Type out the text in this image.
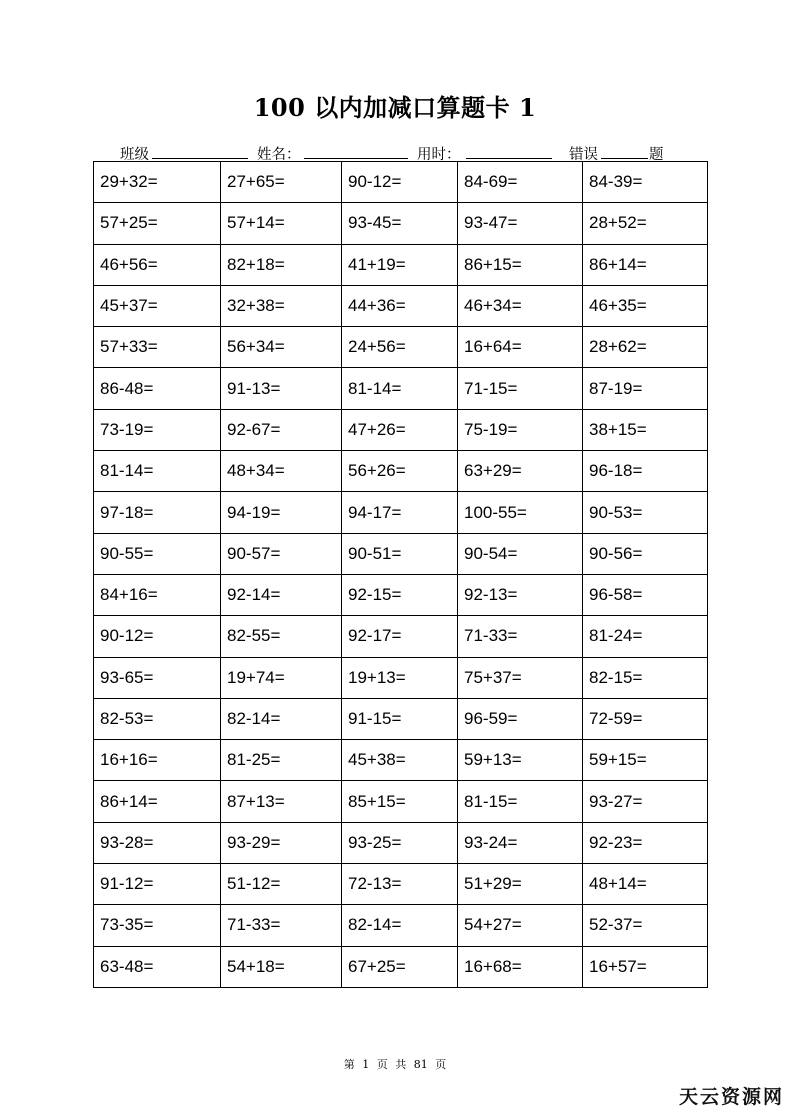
100 以内加减口算题卡 1
班级	姓名：	用时：	错误	题
29+32=	27+65=	90-12=	84-69=	84-39=
57+25=	57+14=	93-45=	93-47=	28+52=
46+56=	82+18=	41+19=	86+15=	86+14=
45+37=	32+38=	44+36=	46+34=	46+35=
57+33=	56+34=	24+56=	16+64=	28+62=
86-48=	91-13=	81-14=	71-15=	87-19=
73-19=	92-67=	47+26=	75-19=	38+15=
81-14=	48+34=	56+26=	63+29=	96-18=
97-18=	94-19=	94-17=	100-55=	90-53=
90-55=	90-57=	90-51=	90-54=	90-56=
84+16=	92-14=	92-15=	92-13=	96-58=
90-12=	82-55=	92-17=	71-33=	81-24=
93-65=	19+74=	19+13=	75+37=	82-15=
82-53=	82-14=	91-15=	96-59=	72-59=
16+16=	81-25=	45+38=	59+13=	59+15=
86+14=	87+13=	85+15=	81-15=	93-27=
93-28=	93-29=	93-25=	93-24=	92-23=
91-12=	51-12=	72-13=	51+29=	48+14=
73-35=	71-33=	82-14=	54+27=	52-37=
63-48=	54+18=	67+25=	16+68=	16+57=
第 1 页 共 81 页
天云资源网
